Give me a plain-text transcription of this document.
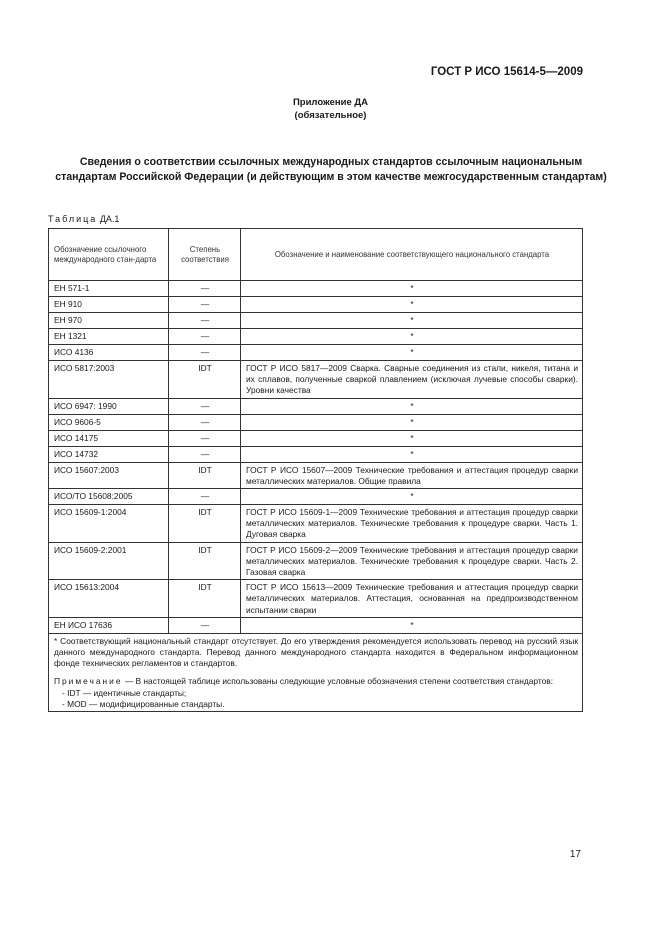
ГОСТ Р ИСО 15614-5—2009
Приложение ДА
(обязательное)
Сведения о соответствии ссылочных международных стандартов ссылочным национальным стандартам Российской Федерации (и действующим в этом качестве межгосударственным стандартам)
Таблица ДА.1
Обозначение ссылочного международного стан-дарта	Степень соответствия	Обозначение и наименование соответствующего национального стандарта
ЕН 571-1	—	*
ЕН 910	—	*
ЕН 970	—	*
ЕН 1321	—	*
ИСО 4136	—	*
ИСО 5817:2003	IDT	ГОСТ Р ИСО 5817—2009 Сварка. Сварные соединения из стали, никеля, титана и их сплавов, полученные сваркой плавлением (исключая лучевые способы сварки). Уровни качества
ИСО 6947: 1990	—	*
ИСО 9606-5	—	*
ИСО 14175	—	*
ИСО 14732	—	*
ИСО 15607:2003	IDT	ГОСТ Р ИСО 15607—2009 Технические требования и аттестация процедур сварки металлических материалов. Общие правила
ИСО/ТО 15608:2005	—	*
ИСО 15609-1:2004	IDT	ГОСТ Р ИСО 15609-1—2009 Технические требования и аттестация процедур сварки металлических материалов. Технические требования к процедуре сварки. Часть 1. Дуговая сварка
ИСО 15609-2:2001	IDT	ГОСТ Р ИСО 15609-2—2009 Технические требования и аттестация процедур сварки металлических материалов. Технические требования к процедуре сварки. Часть 2. Газовая сварка
ИСО 15613:2004	IDT	ГОСТ Р ИСО 15613—2009 Технические требования и аттестация процедур сварки металлических материалов. Аттестация, основанная на предпроизводственном испытании сварки
ЕН ИСО 17636	—	*

* Соответствующий национальный стандарт отсутствует. До его утверждения рекомендуется использовать перевод на русский язык данного международного стандарта. Перевод данного международного стандарта находится в Федеральном информационном фонде технических регламентов и стандартов.

Примечание — В настоящей таблице использованы следующие условные обозначения степени соответствия стандартов:

- IDT — идентичные стандарты;

- MOD — модифицированные стандарты.		

17
